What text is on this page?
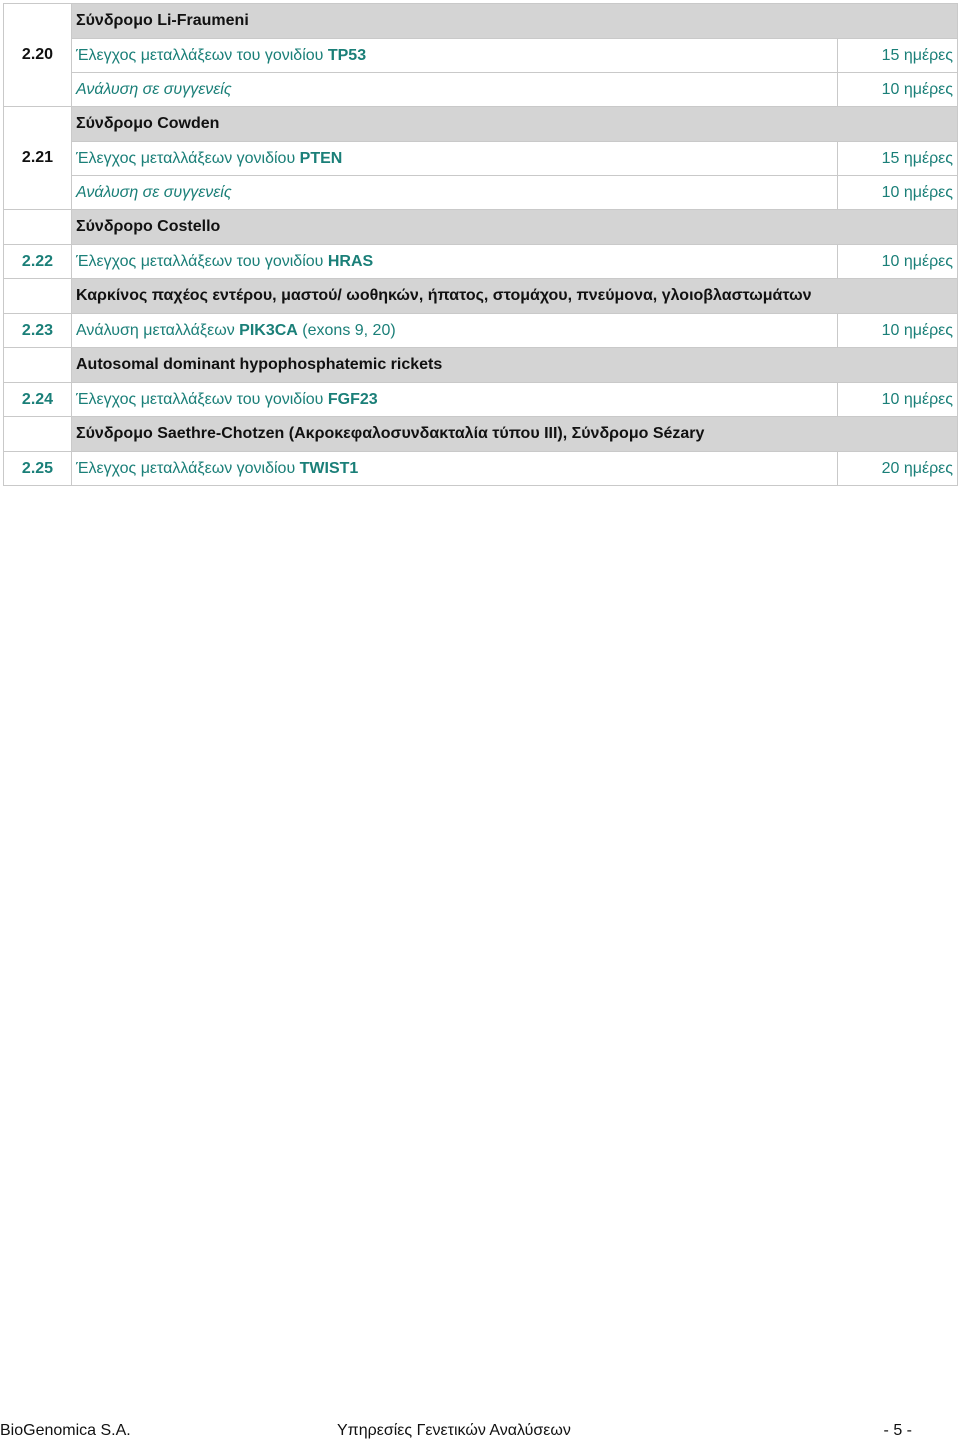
2.20	Σύνδρομο Li-Fraumeni	
	Έλεγχος μεταλλάξεων του γονιδίου TP53	15 ημέρες
	Ανάλυση σε συγγενείς	10 ημέρες
2.21	Σύνδρομο Cowden	
	Έλεγχος μεταλλάξεων γονιδίου PTEN	15 ημέρες
	Ανάλυση σε συγγενείς	10 ημέρες
	Σύνδροpο Costello	
2.22	Έλεγχος μεταλλάξεων του γονιδίου HRAS	10 ημέρες
	Καρκίνος παχέος εντέρου, μαστού/ ωοθηκών, ήπατος, στομάχου, πνεύμονα, γλοιοβλαστωμάτων	
2.23	Ανάλυση μεταλλάξεων PIK3CA (exons 9, 20)	10 ημέρες
	Autosomal dominant hypophosphatemic rickets	
2.24	Έλεγχος μεταλλάξεων του γονιδίου FGF23	10 ημέρες
	Σύνδρομο Saethre-Chotzen (Ακροκεφαλοσυνδακταλία τύπου III), Σύνδρομο Sézary	
2.25	Έλεγχος μεταλλάξεων γονιδίου TWIST1	20 ημέρες
BioGenomica S.A.	Υπηρεσίες Γενετικών Αναλύσεων	- 5 -
